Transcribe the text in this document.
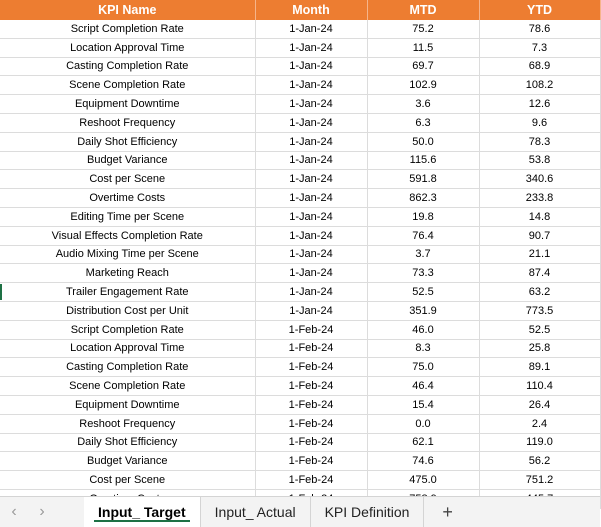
KPI Name	Month	MTD	YTD
Script Completion Rate	1-Jan-24	75.2	78.6
Location Approval Time	1-Jan-24	11.5	7.3
Casting Completion Rate	1-Jan-24	69.7	68.9
Scene Completion Rate	1-Jan-24	102.9	108.2
Equipment Downtime	1-Jan-24	3.6	12.6
Reshoot Frequency	1-Jan-24	6.3	9.6
Daily Shot Efficiency	1-Jan-24	50.0	78.3
Budget Variance	1-Jan-24	115.6	53.8
Cost per Scene	1-Jan-24	591.8	340.6
Overtime Costs	1-Jan-24	862.3	233.8
Editing Time per Scene	1-Jan-24	19.8	14.8
Visual Effects Completion Rate	1-Jan-24	76.4	90.7
Audio Mixing Time per Scene	1-Jan-24	3.7	21.1
Marketing Reach	1-Jan-24	73.3	87.4
Trailer Engagement Rate	1-Jan-24	52.5	63.2
Distribution Cost per Unit	1-Jan-24	351.9	773.5
Script Completion Rate	1-Feb-24	46.0	52.5
Location Approval Time	1-Feb-24	8.3	25.8
Casting Completion Rate	1-Feb-24	75.0	89.1
Scene Completion Rate	1-Feb-24	46.4	110.4
Equipment Downtime	1-Feb-24	15.4	26.4
Reshoot Frequency	1-Feb-24	0.0	2.4
Daily Shot Efficiency	1-Feb-24	62.1	119.0
Budget Variance	1-Feb-24	74.6	56.2
Cost per Scene	1-Feb-24	475.0	751.2

‹	›	Input_ Target	Input_ Actual	KPI Definition	+
